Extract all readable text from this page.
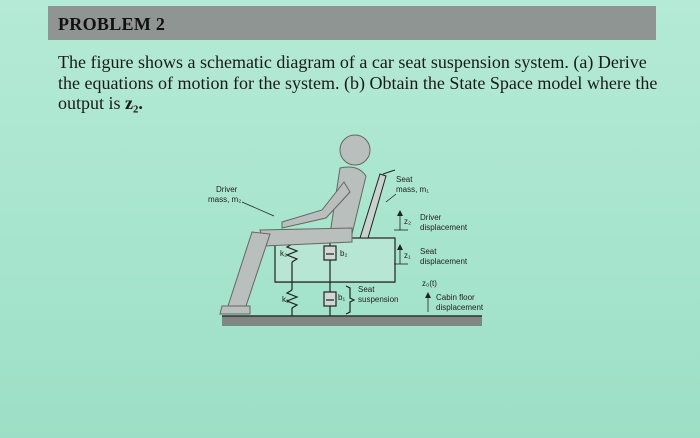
PROBLEM 2
The figure shows a schematic diagram of a car seat suspension system. (a) Derive the equations of motion for the system. (b) Obtain the State Space model where the output is z₂.
k₁	b₁
Seat
suspension
k₂	b₂
Driver
mass, m₂
Seat
mass, m₁
z₂ Driver
displacement
z₁ Seat
displacement
z₀(t)
Cabin floor
displacement
